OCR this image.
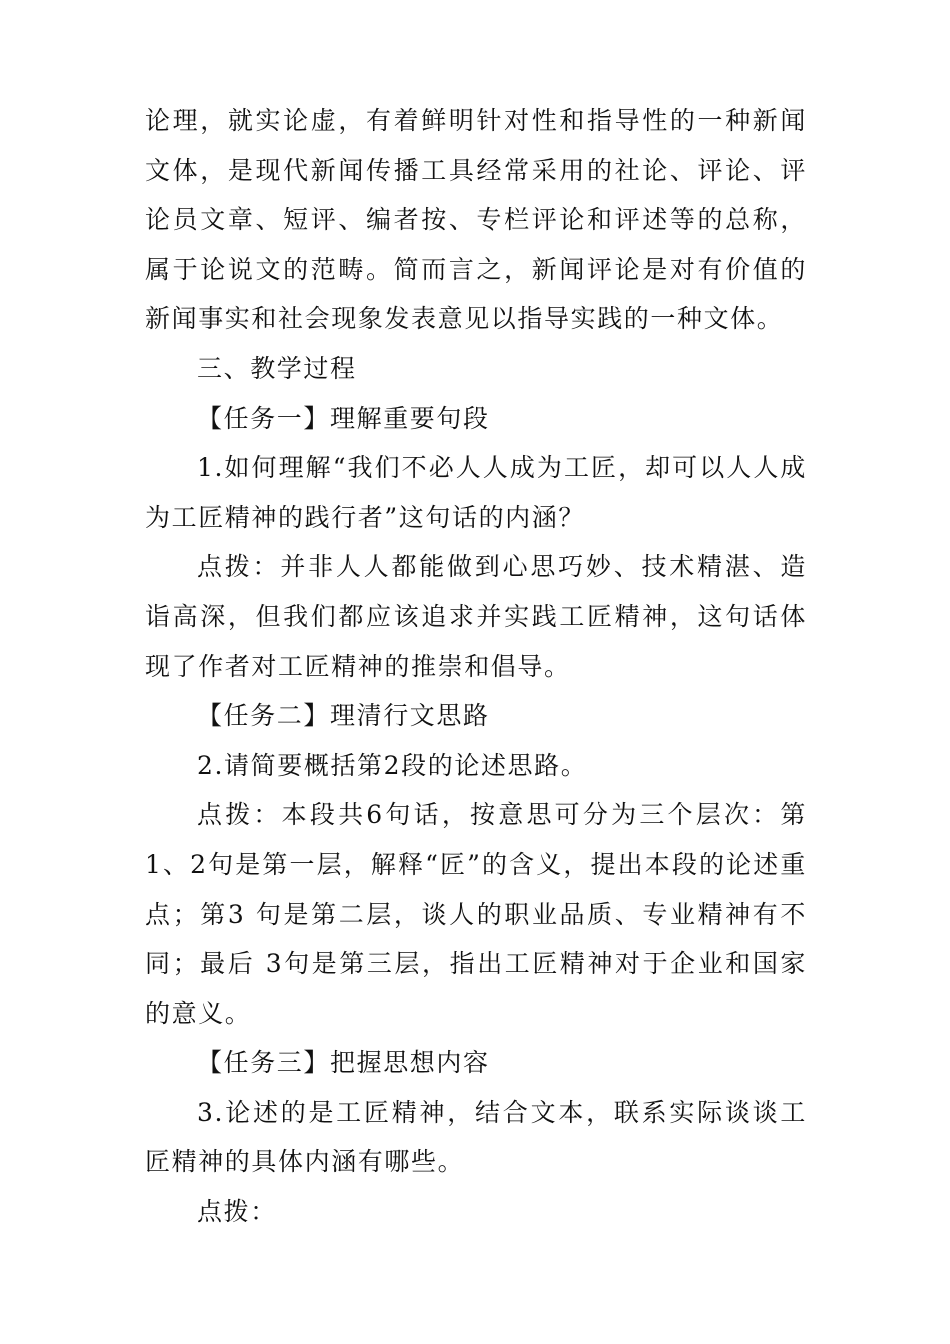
论理，就实论虚，有着鲜明针对性和指导性的一种新闻文体，是现代新闻传播工具经常采用的社论、评论、评论员文章、短评、编者按、专栏评论和评述等的总称，属于论说文的范畴。简而言之，新闻评论是对有价值的新闻事实和社会现象发表意见以指导实践的一种文体。

三、教学过程

【任务一】理解重要句段

1.如何理解“我们不必人人成为工匠，却可以人人成为工匠精神的践行者”这句话的内涵？

点拨：并非人人都能做到心思巧妙、技术精湛、造诣高深，但我们都应该追求并实践工匠精神，这句话体现了作者对工匠精神的推崇和倡导。

【任务二】理清行文思路

2.请简要概括第2段的论述思路。

点拨：本段共6句话，按意思可分为三个层次：第1、2句是第一层，解释“匠”的含义，提出本段的论述重点；第3 句是第二层，谈人的职业品质、专业精神有不同；最后 3句是第三层，指出工匠精神对于企业和国家的意义。

【任务三】把握思想内容

3.论述的是工匠精神，结合文本，联系实际谈谈工匠精神的具体内涵有哪些。

点拨：
